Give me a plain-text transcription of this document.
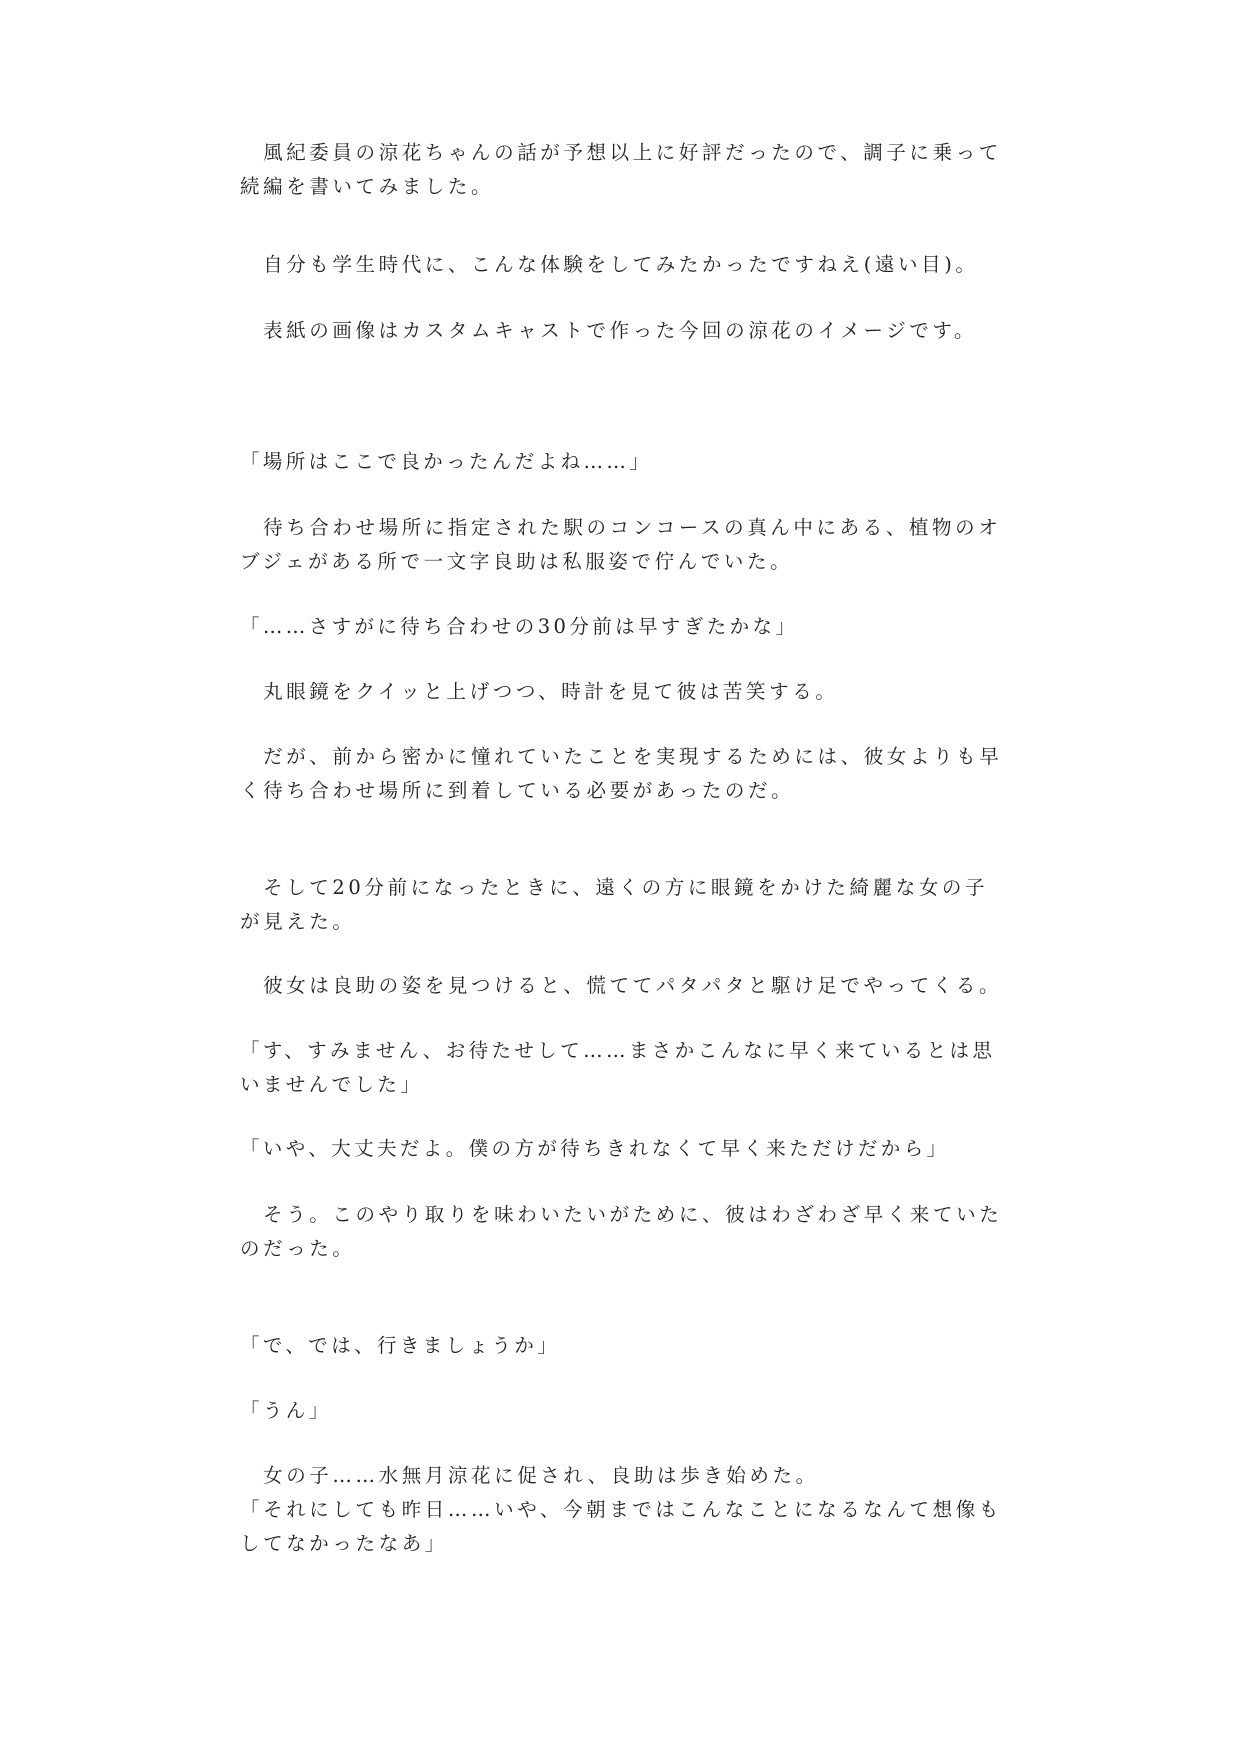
　風紀委員の涼花ちゃんの話が予想以上に好評だったので、調子に乗って続編を書いてみました。

　自分も学生時代に、こんな体験をしてみたかったですねえ(遠い目)。

　表紙の画像はカスタムキャストで作った今回の涼花のイメージです。

「場所はここで良かったんだよね……」

　待ち合わせ場所に指定された駅のコンコースの真ん中にある、植物のオブジェがある所で一文字良助は私服姿で佇んでいた。

「……さすがに待ち合わせの30分前は早すぎたかな」

　丸眼鏡をクイッと上げつつ、時計を見て彼は苦笑する。

　だが、前から密かに憧れていたことを実現するためには、彼女よりも早く待ち合わせ場所に到着している必要があったのだ。

　そして20分前になったときに、遠くの方に眼鏡をかけた綺麗な女の子が見えた。

　彼女は良助の姿を見つけると、慌ててパタパタと駆け足でやってくる。

「す、すみません、お待たせして……まさかこんなに早く来ているとは思いませんでした」

「いや、大丈夫だよ。僕の方が待ちきれなくて早く来ただけだから」

　そう。このやり取りを味わいたいがために、彼はわざわざ早く来ていたのだった。

「で、では、行きましょうか」

「うん」

　女の子……水無月涼花に促され、良助は歩き始めた。
「それにしても昨日……いや、今朝まではこんなことになるなんて想像もしてなかったなあ」
